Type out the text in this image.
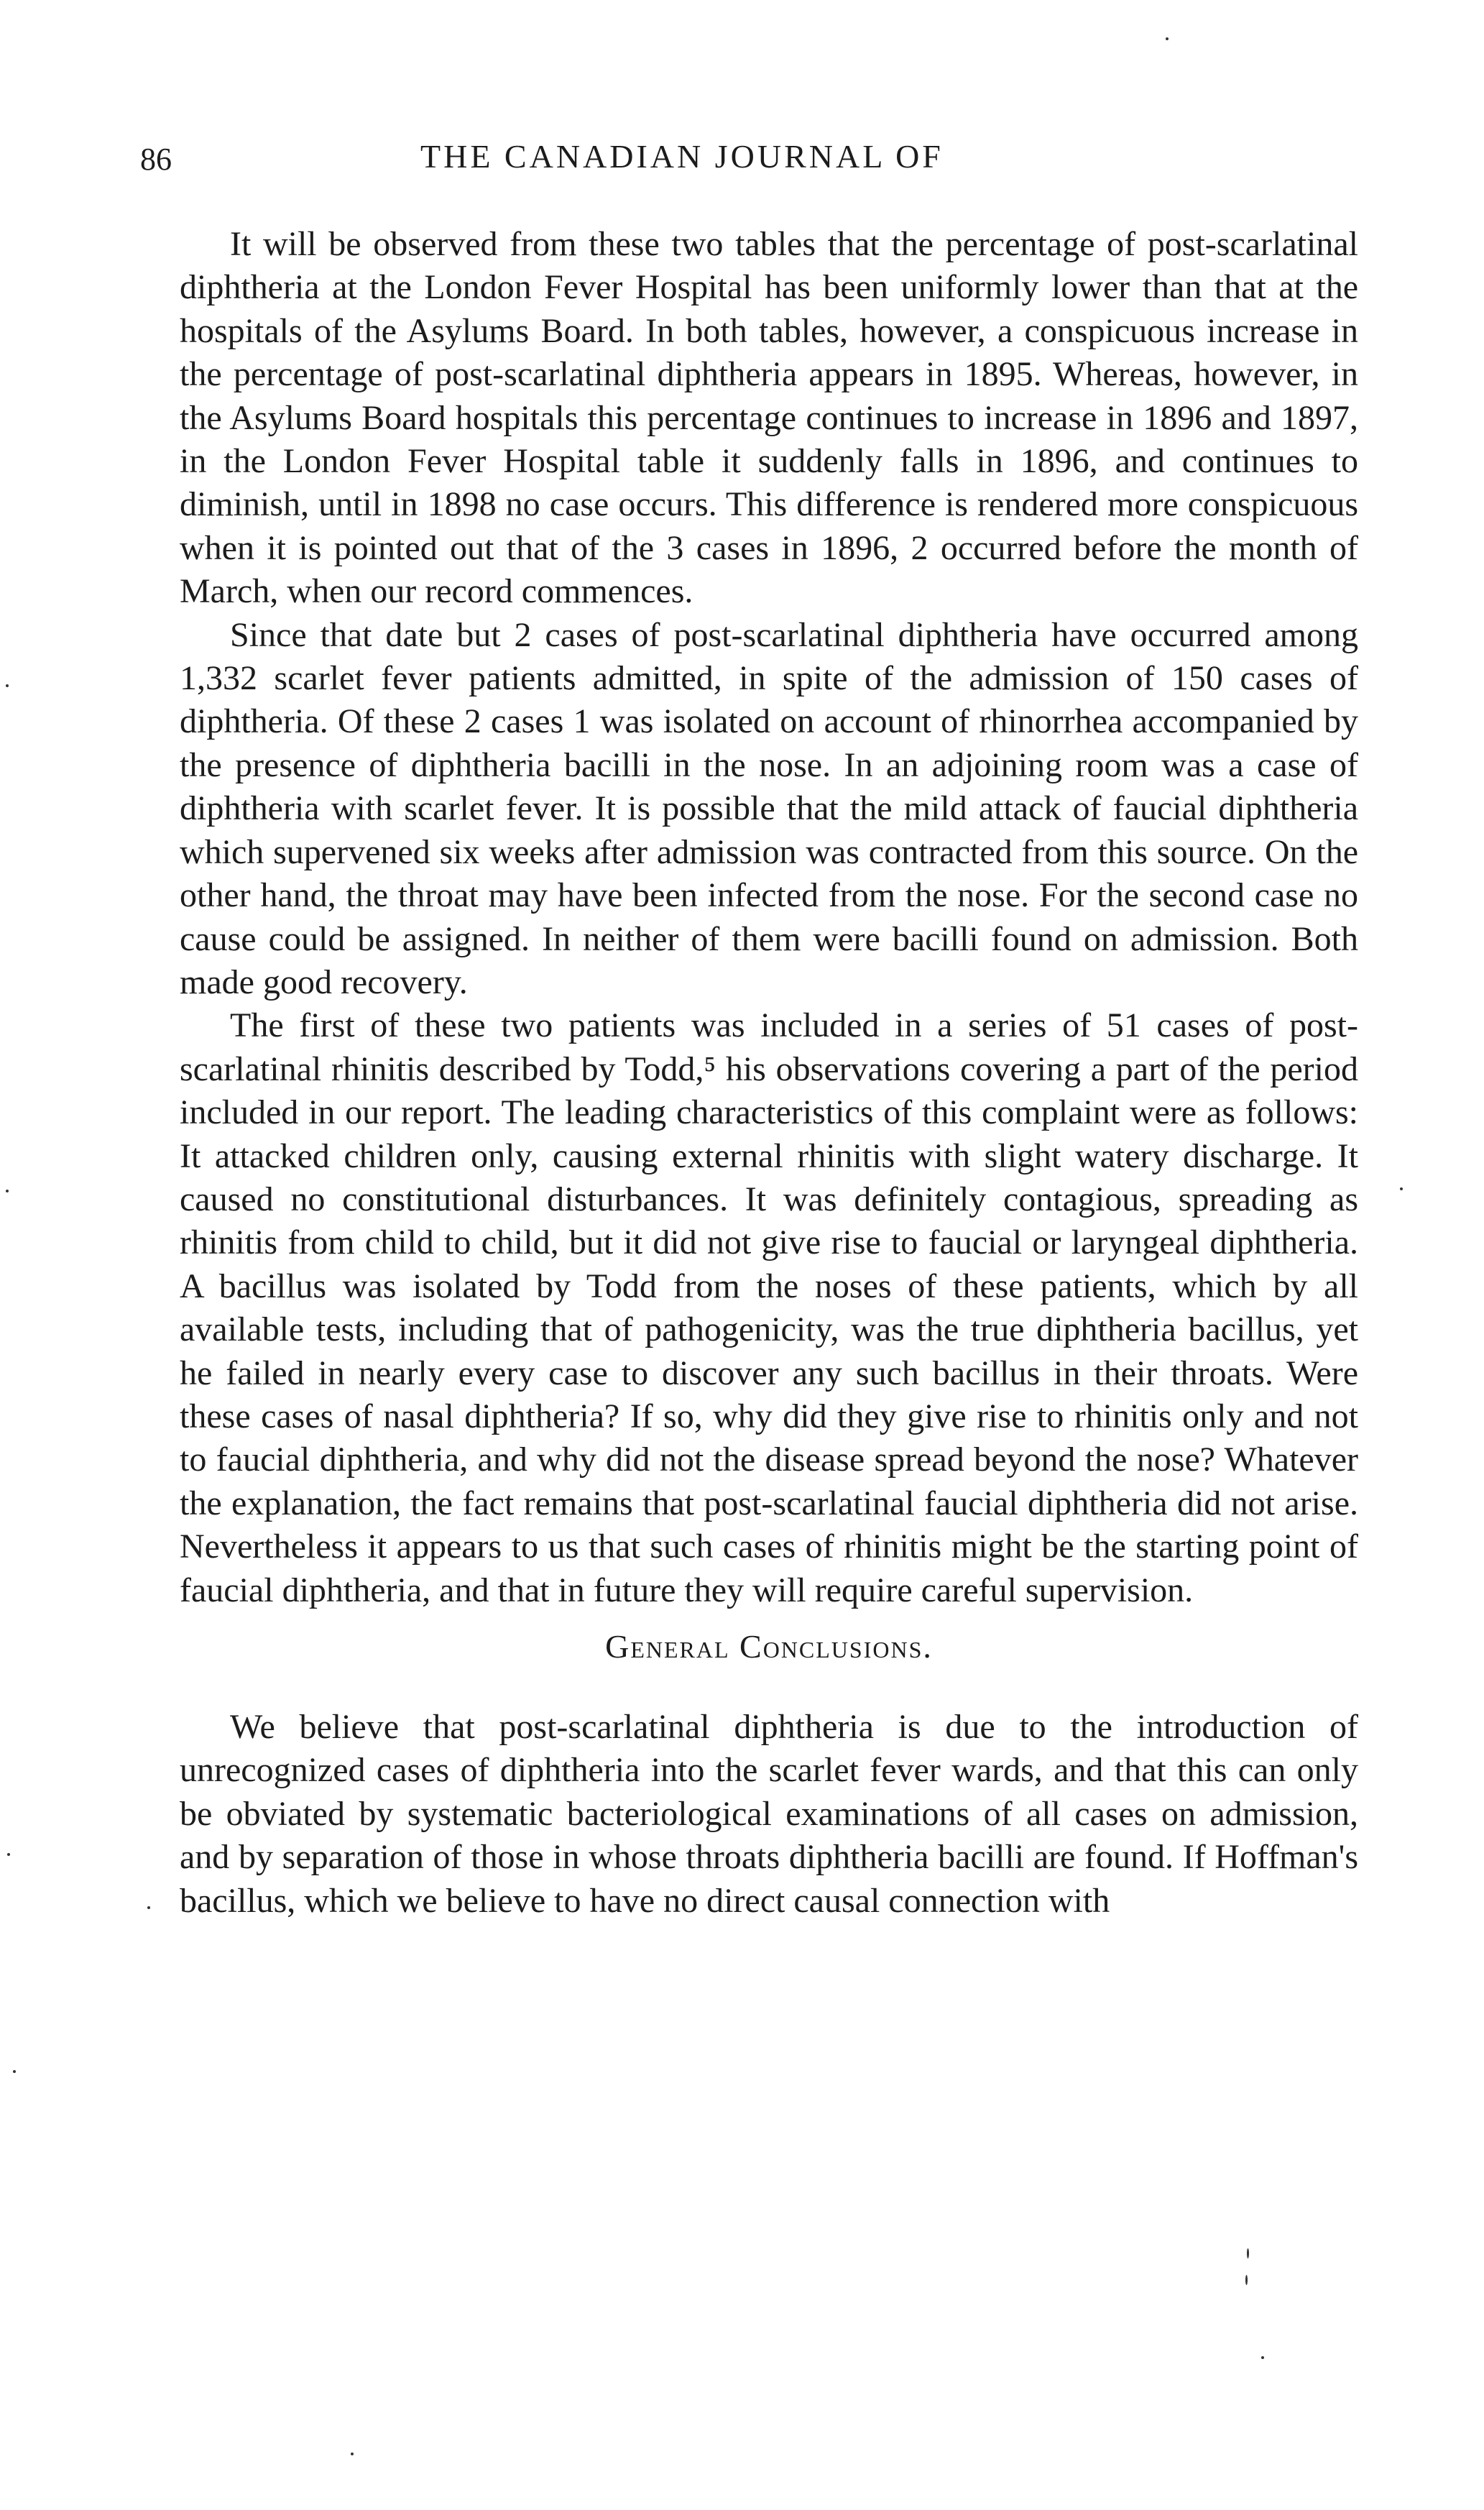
86	THE CANADIAN JOURNAL OF

It will be observed from these two tables that the percentage of post-scarlatinal diphtheria at the London Fever Hospital has been uniformly lower than that at the hospitals of the Asylums Board. In both tables, however, a conspicuous increase in the percentage of post-scarlatinal diphtheria appears in 1895. Whereas, however, in the Asylums Board hospitals this percentage continues to increase in 1896 and 1897, in the London Fever Hospital table it suddenly falls in 1896, and continues to diminish, until in 1898 no case occurs. This difference is rendered more conspicuous when it is pointed out that of the 3 cases in 1896, 2 occurred before the month of March, when our record commences.

Since that date but 2 cases of post-scarlatinal diphtheria have occurred among 1,332 scarlet fever patients admitted, in spite of the admission of 150 cases of diphtheria. Of these 2 cases 1 was isolated on account of rhinorrhea accompanied by the presence of diphtheria bacilli in the nose. In an adjoining room was a case of diphtheria with scarlet fever. It is possible that the mild attack of faucial diphtheria which supervened six weeks after admission was contracted from this source. On the other hand, the throat may have been infected from the nose. For the second case no cause could be assigned. In neither of them were bacilli found on admission. Both made good recovery.

The first of these two patients was included in a series of 51 cases of post-scarlatinal rhinitis described by Todd,⁵ his observations covering a part of the period included in our report. The leading characteristics of this complaint were as follows: It attacked children only, causing external rhinitis with slight watery discharge. It caused no constitutional disturbances. It was definitely contagious, spreading as rhinitis from child to child, but it did not give rise to faucial or laryngeal diphtheria. A bacillus was isolated by Todd from the noses of these patients, which by all available tests, including that of pathogenicity, was the true diphtheria bacillus, yet he failed in nearly every case to discover any such bacillus in their throats. Were these cases of nasal diphtheria? If so, why did they give rise to rhinitis only and not to faucial diphtheria, and why did not the disease spread beyond the nose? Whatever the explanation, the fact remains that post-scarlatinal faucial diphtheria did not arise. Nevertheless it appears to us that such cases of rhinitis might be the starting point of faucial diphtheria, and that in future they will require careful supervision.

General Conclusions.

We believe that post-scarlatinal diphtheria is due to the introduction of unrecognized cases of diphtheria into the scarlet fever wards, and that this can only be obviated by systematic bacteriological examinations of all cases on admission, and by separation of those in whose throats diphtheria bacilli are found. If Hoffman's bacillus, which we believe to have no direct causal connection with
